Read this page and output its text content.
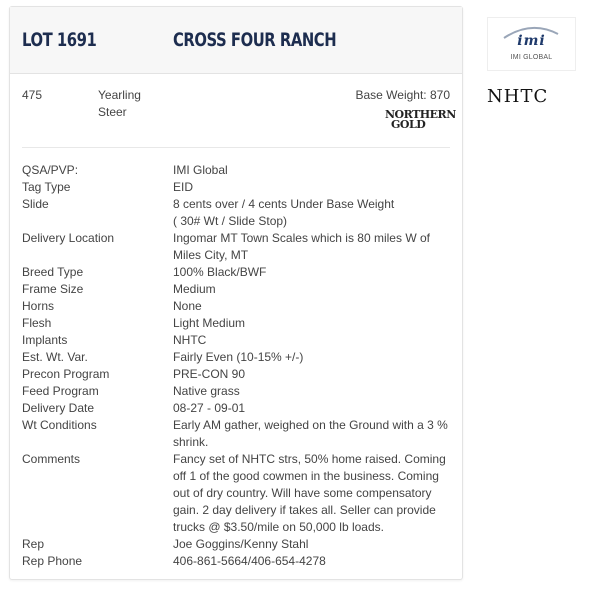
LOT 1691	CROSS FOUR RANCH
475	Yearling
Steer
Base Weight: 870
NORTHERN
GOLD
QSA/PVP:	IMI Global
Tag Type	EID
Slide	8 cents over / 4 cents Under Base Weight
( 30# Wt / Slide Stop)
Delivery Location	Ingomar MT Town Scales which is 80 miles W of
Miles City, MT
Breed Type	100% Black/BWF
Frame Size	Medium
Horns	None
Flesh	Light Medium
Implants	NHTC
Est. Wt. Var.	Fairly Even (10-15% +/-)
Precon Program	PRE-CON 90
Feed Program	Native grass
Delivery Date	08-27 - 09-01
Wt Conditions	Early AM gather, weighed on the Ground with a 3 %
shrink.
Comments	Fancy set of NHTC strs, 50% home raised. Coming
off 1 of the good cowmen in the business. Coming
out of dry country. Will have some compensatory
gain. 2 day delivery if takes all. Seller can provide
trucks @ $3.50/mile on 50,000 lb loads.
Rep	Joe Goggins/Kenny Stahl
Rep Phone	406-861-5664/406-654-4278
imi
IMI GLOBAL
NHTC
